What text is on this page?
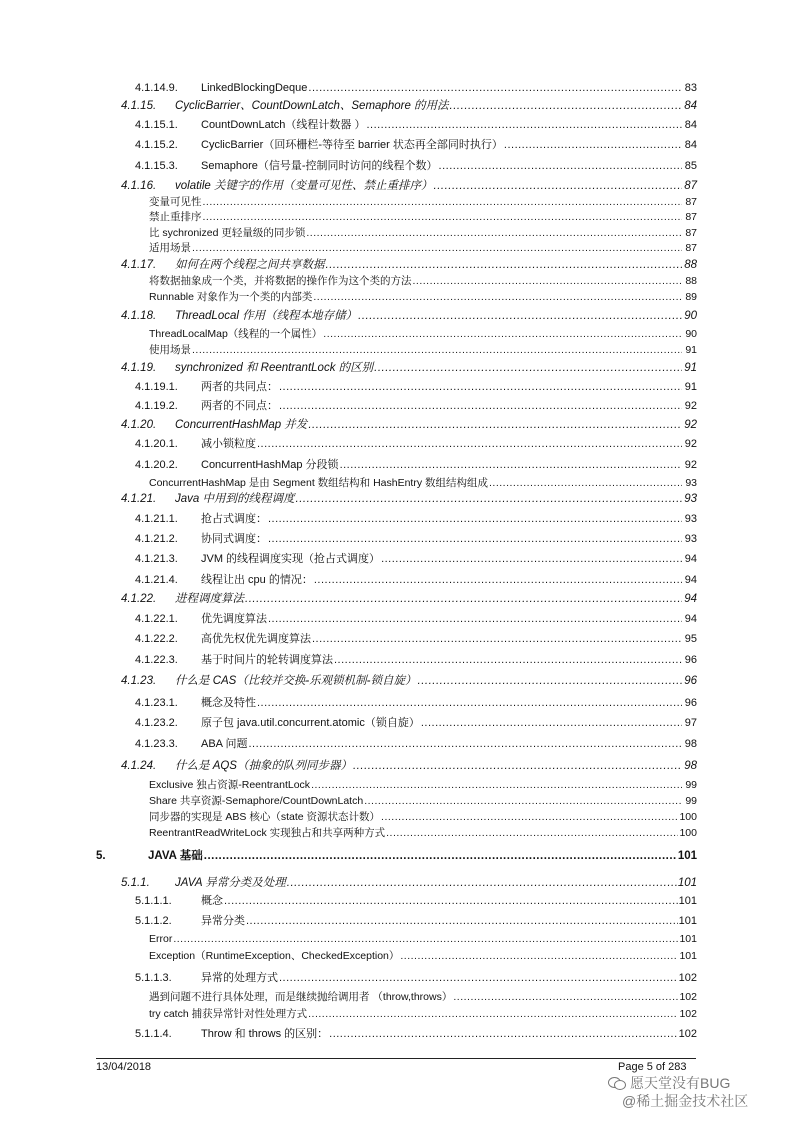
4.1.14.9.	LinkedBlockingDeque .....	83
4.1.15.	CyclicBarrier、CountDownLatch、Semaphore 的用法 .....	84
4.1.15.1.	CountDownLatch（线程计数器 ） .....	84
4.1.15.2.	CyclicBarrier（回环栅栏-等待至 barrier 状态再全部同时执行） .....	84
4.1.15.3.	Semaphore（信号量-控制同时访问的线程个数） .....	85
4.1.16.	volatile 关键字的作用（变量可见性、禁止重排序） .....	87
变量可见性 .....	87
禁止重排序 .....	87
比 sychronized 更轻量级的同步锁 .....	87
适用场景 .....	87
4.1.17.	如何在两个线程之间共享数据 .....	88
将数据抽象成一个类，并将数据的操作作为这个类的方法 .....	88
Runnable 对象作为一个类的内部类 .....	89
4.1.18.	ThreadLocal 作用（线程本地存储） .....	90
ThreadLocalMap（线程的一个属性） .....	90
使用场景 .....	91
4.1.19.	synchronized 和 ReentrantLock 的区别 .....	91
4.1.19.1.	两者的共同点： .....	91
4.1.19.2.	两者的不同点： .....	92
4.1.20.	ConcurrentHashMap 并发 .....	92
4.1.20.1.	减小锁粒度 .....	92
4.1.20.2.	ConcurrentHashMap 分段锁 .....	92
ConcurrentHashMap 是由 Segment 数组结构和 HashEntry 数组结构组成 .....	93
4.1.21.	Java 中用到的线程调度 .....	93
4.1.21.1.	抢占式调度： .....	93
4.1.21.2.	协同式调度： .....	93
4.1.21.3.	JVM 的线程调度实现（抢占式调度） .....	94
4.1.21.4.	线程让出 cpu 的情况： .....	94
4.1.22.	进程调度算法 .....	94
4.1.22.1.	优先调度算法 .....	94
4.1.22.2.	高优先权优先调度算法 .....	95
4.1.22.3.	基于时间片的轮转调度算法 .....	96
4.1.23.	什么是 CAS（比较并交换-乐观锁机制-锁自旋） .....	96
4.1.23.1.	概念及特性 .....	96
4.1.23.2.	原子包 java.util.concurrent.atomic（锁自旋） .....	97
4.1.23.3.	ABA 问题 .....	98
4.1.24.	什么是 AQS（抽象的队列同步器） .....	98
Exclusive 独占资源-ReentrantLock .....	99
Share 共享资源-Semaphore/CountDownLatch .....	99
同步器的实现是 ABS 核心（state 资源状态计数） .....	100
ReentrantReadWriteLock 实现独占和共享两种方式 .....	100
5.	JAVA 基础 .....	101
5.1.1.	JAVA 异常分类及处理 .....	101
5.1.1.1.	概念 .....	101
5.1.1.2.	异常分类 .....	101
Error .....	101
Exception（RuntimeException、CheckedException） .....	101
5.1.1.3.	异常的处理方式 .....	102
遇到问题不进行具体处理，而是继续抛给调用者 （throw,throws） .....	102
try catch 捕获异常针对性处理方式 .....	102
5.1.1.4.	Throw 和 throws 的区别： .....	102
13/04/2018	Page 5 of 283
愿天堂没有BUG
@稀土掘金技术社区
